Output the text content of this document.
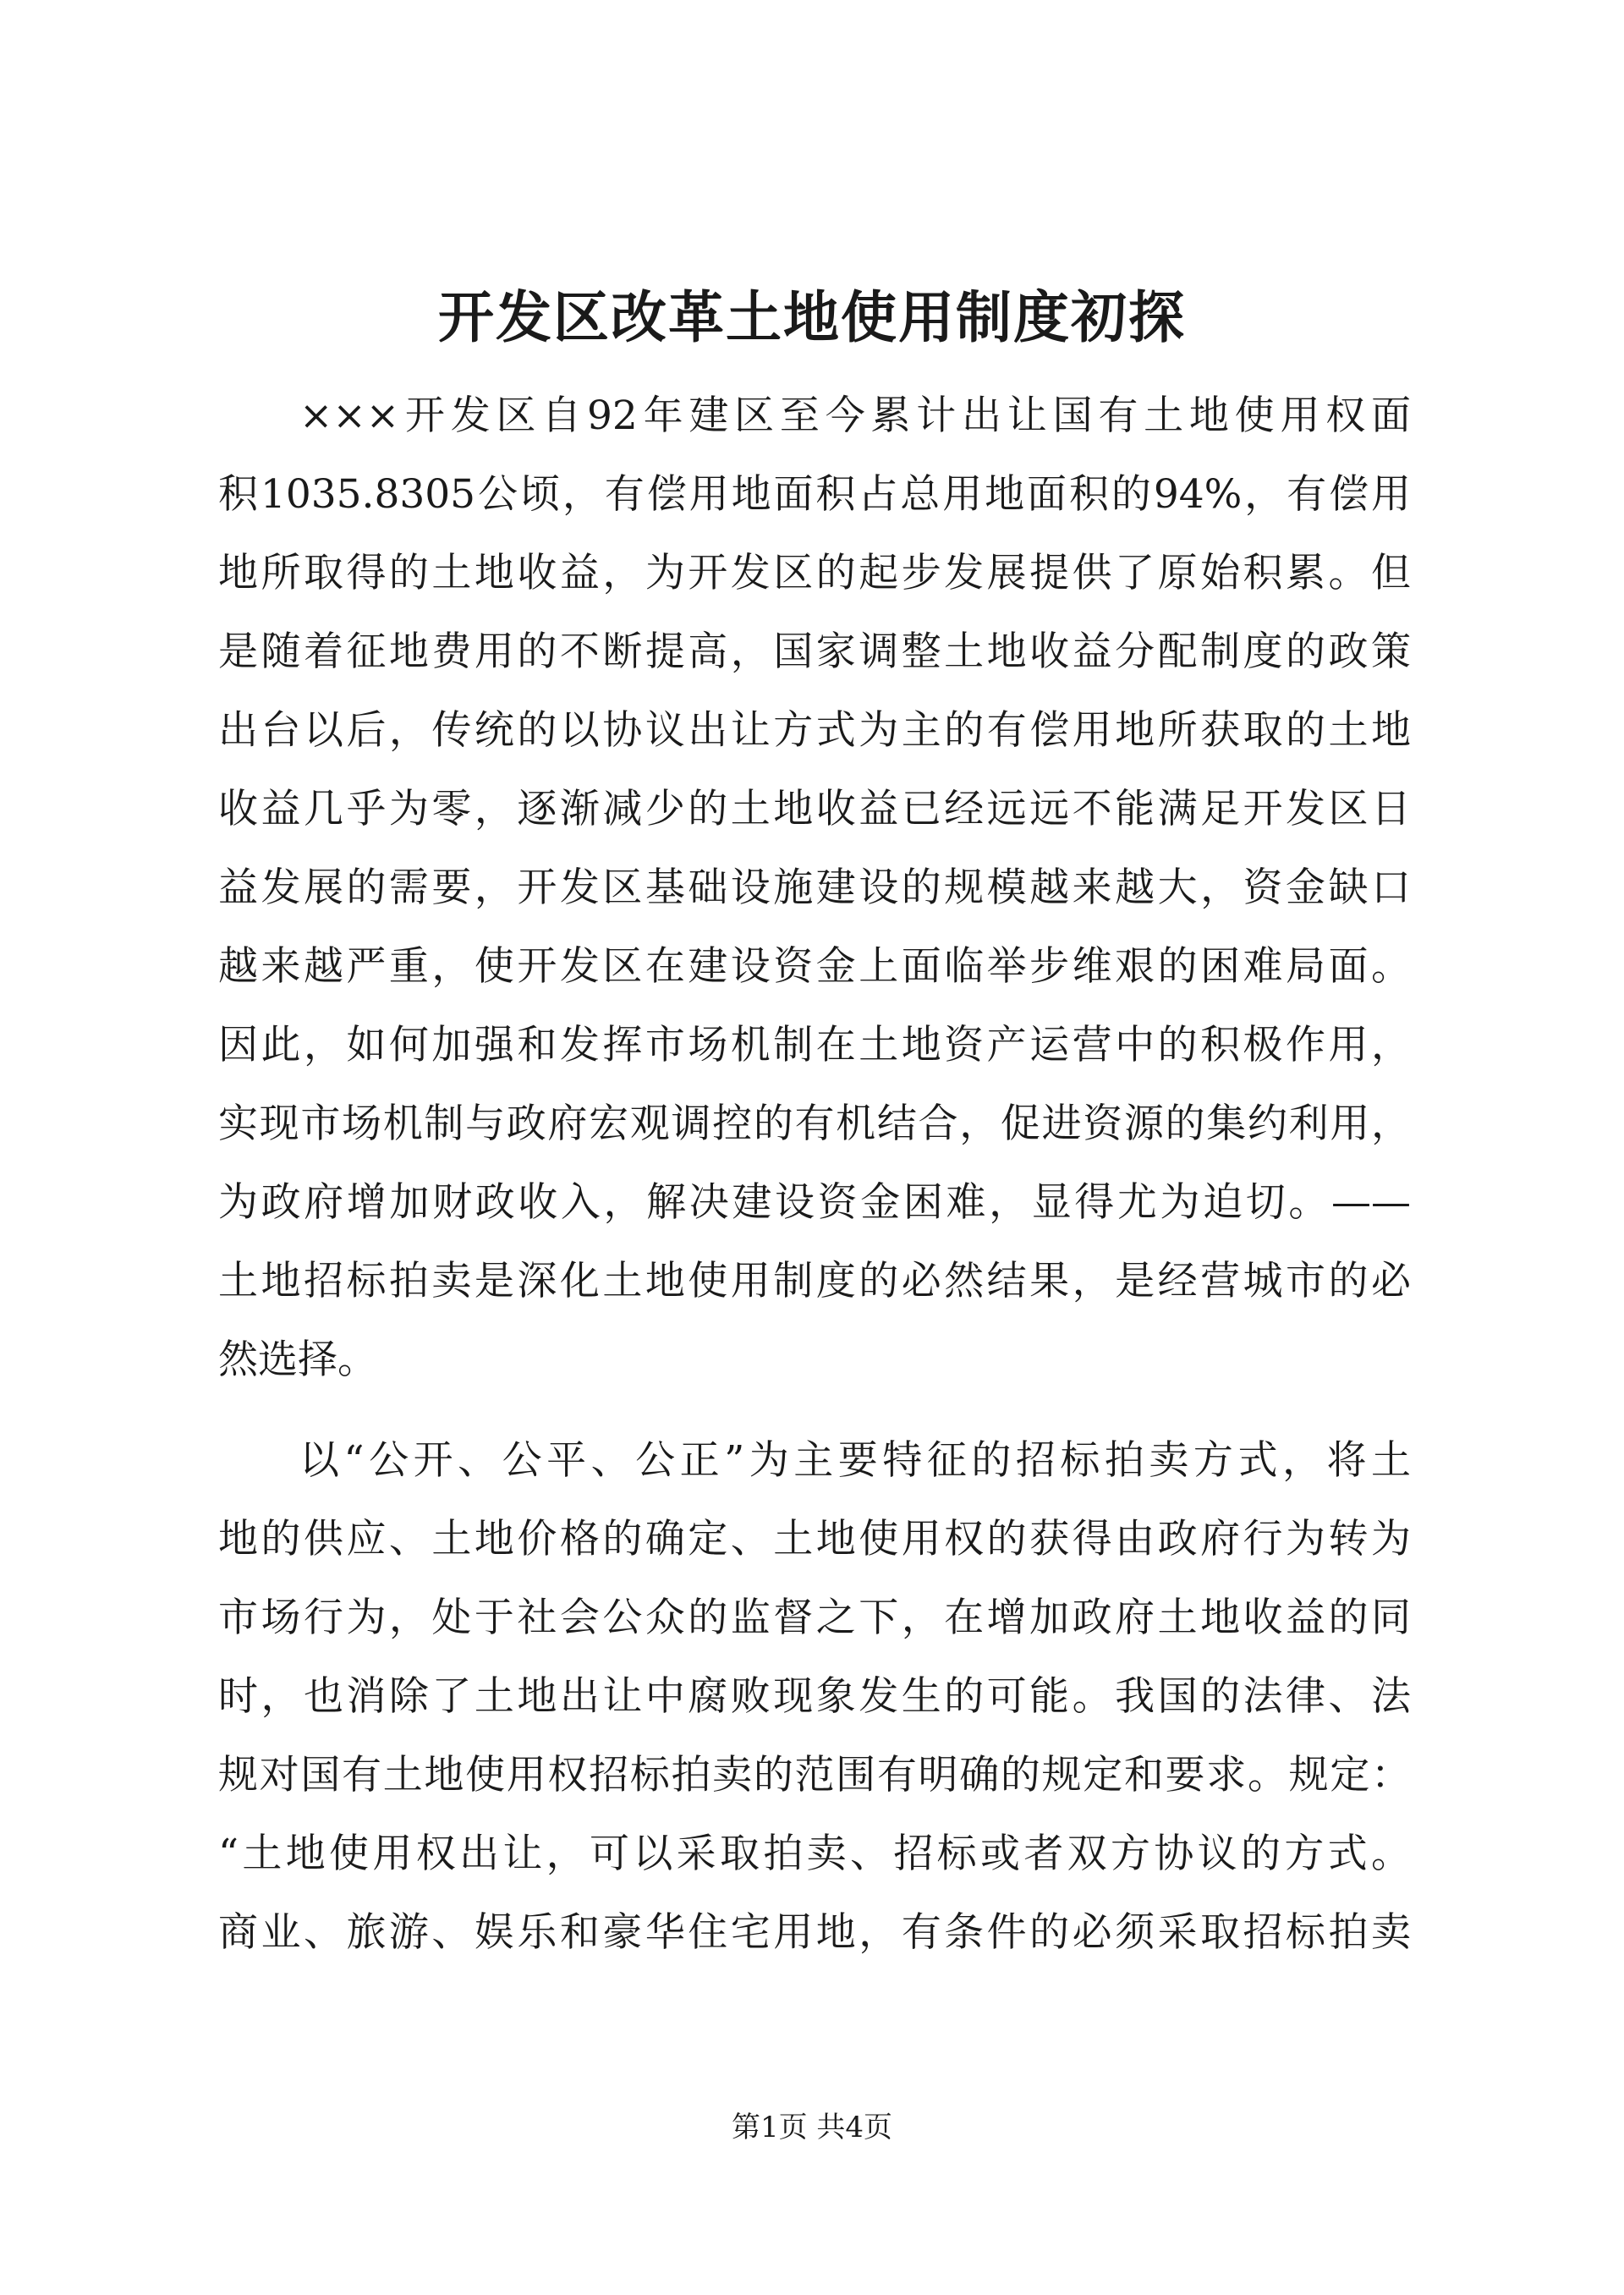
开发区改革土地使用制度初探
×××开发区自92年建区至今累计出让国有土地使用权面
积1035.8305公顷，有偿用地面积占总用地面积的94%，有偿用
地所取得的土地收益，为开发区的起步发展提供了原始积累。但
是随着征地费用的不断提高，国家调整土地收益分配制度的政策
出台以后，传统的以协议出让方式为主的有偿用地所获取的土地
收益几乎为零，逐渐减少的土地收益已经远远不能满足开发区日
益发展的需要，开发区基础设施建设的规模越来越大，资金缺口
越来越严重，使开发区在建设资金上面临举步维艰的困难局面。
因此，如何加强和发挥市场机制在土地资产运营中的积极作用，
实现市场机制与政府宏观调控的有机结合，促进资源的集约利用，
为政府增加财政收入，解决建设资金困难，显得尤为迫切。——
土地招标拍卖是深化土地使用制度的必然结果，是经营城市的必
然选择。
以“公开、公平、公正”为主要特征的招标拍卖方式，将土
地的供应、土地价格的确定、土地使用权的获得由政府行为转为
市场行为，处于社会公众的监督之下，在增加政府土地收益的同
时，也消除了土地出让中腐败现象发生的可能。我国的法律、法
规对国有土地使用权招标拍卖的范围有明确的规定和要求。规定：
“土地使用权出让，可以采取拍卖、招标或者双方协议的方式。
商业、旅游、娱乐和豪华住宅用地，有条件的必须采取招标拍卖
第1页 共4页
